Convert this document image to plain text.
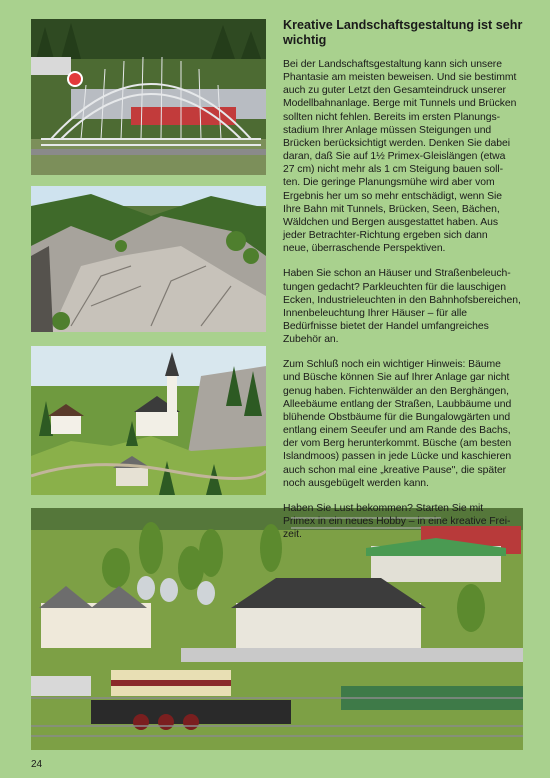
Kreative Landschaftsgestaltung ist sehr
wichtig

Bei der Landschaftsgestaltung kann sich unsere
Phantasie am meisten beweisen. Und sie bestimmt
auch zu guter Letzt den Gesamteindruck unserer
Modellbahnanlage. Berge mit Tunnels und Brücken
sollten nicht fehlen. Bereits im ersten Planungs-
stadium Ihrer Anlage müssen Steigungen und
Brücken berücksichtigt werden. Denken Sie dabei
daran, daß Sie auf 1½ Primex-Gleislängen (etwa
27 cm) nicht mehr als 1 cm Steigung bauen soll-
ten. Die geringe Planungsmühe wird aber vom
Ergebnis her um so mehr entschädigt, wenn Sie
Ihre Bahn mit Tunnels, Brücken, Seen, Bächen,
Wäldchen und Bergen ausgestattet haben. Aus
jeder Betrachter-Richtung ergeben sich dann
neue, überraschende Perspektiven.

Haben Sie schon an Häuser und Straßenbeleuch-
tungen gedacht? Parkleuchten für die lauschigen
Ecken, Industrieleuchten in den Bahnhofsbereichen,
Innenbeleuchtung Ihrer Häuser – für alle
Bedürfnisse bietet der Handel umfangreiches
Zubehör an.

Zum Schluß noch ein wichtiger Hinweis: Bäume
und Büsche können Sie auf Ihrer Anlage gar nicht
genug haben. Fichtenwälder an den Berghängen,
Alleebäume entlang der Straßen, Laubbäume und
blühende Obstbäume für die Bungalowgärten und
entlang einem Seeufer und am Rande des Bachs,
der vom Berg herunterkommt. Büsche (am besten
Islandmoos) passen in jede Lücke und kaschieren
auch schon mal eine „kreative Pause", die später
noch ausgebügelt werden kann.

Haben Sie Lust bekommen? Starten Sie mit
Primex in ein neues Hobby – in eine kreative Frei-
zeit.

24
